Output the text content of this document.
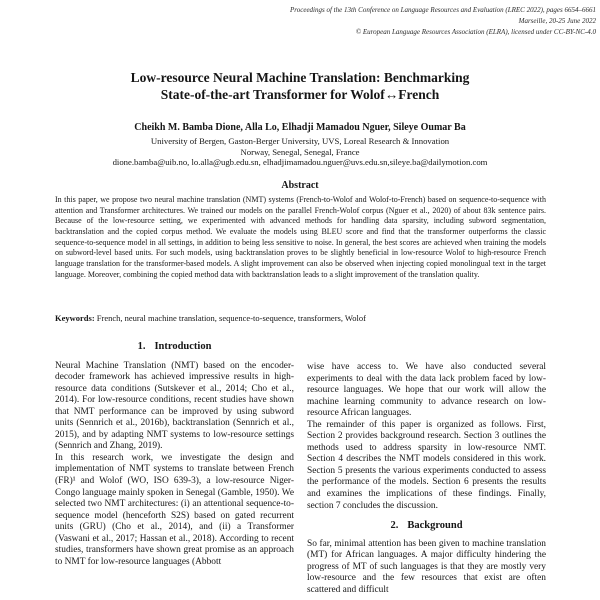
Proceedings of the 13th Conference on Language Resources and Evaluation (LREC 2022), pages 6654–6661
Marseille, 20-25 June 2022
© European Language Resources Association (ELRA), licensed under CC-BY-NC-4.0
Low-resource Neural Machine Translation: Benchmarking
State-of-the-art Transformer for Wolof↔French
Cheikh M. Bamba Dione, Alla Lo, Elhadji Mamadou Nguer, Sileye Oumar Ba
University of Bergen, Gaston-Berger University, UVS, Loreal Research & Innovation
Norway, Senegal, Senegal, France
dione.bamba@uib.no, lo.alla@ugb.edu.sn, elhadjimamadou.nguer@uvs.edu.sn,sileye.ba@dailymotion.com
Abstract
In this paper, we propose two neural machine translation (NMT) systems (French-to-Wolof and Wolof-to-French) based on sequence-to-sequence with attention and Transformer architectures. We trained our models on the parallel French-Wolof corpus (Nguer et al., 2020) of about 83k sentence pairs. Because of the low-resource setting, we experimented with advanced methods for handling data sparsity, including subword segmentation, backtranslation and the copied corpus method. We evaluate the models using BLEU score and find that the transformer outperforms the classic sequence-to-sequence model in all settings, in addition to being less sensitive to noise. In general, the best scores are achieved when training the models on subword-level based units. For such models, using backtranslation proves to be slightly beneficial in low-resource Wolof to high-resource French language translation for the transformer-based models. A slight improvement can also be observed when injecting copied monolingual text in the target language. Moreover, combining the copied method data with backtranslation leads to a slight improvement of the translation quality.
Keywords: French, neural machine translation, sequence-to-sequence, transformers, Wolof
1. Introduction

Neural Machine Translation (NMT) based on the encoder-decoder framework has achieved impressive results in high-resource data conditions (Sutskever et al., 2014; Cho et al., 2014). For low-resource conditions, recent studies have shown that NMT performance can be improved by using subword units (Sennrich et al., 2016b), backtranslation (Sennrich et al., 2015), and by adapting NMT systems to low-resource settings (Sennrich and Zhang, 2019).

In this research work, we investigate the design and implementation of NMT systems to translate between French (FR)¹ and Wolof (WO, ISO 639-3), a low-resource Niger-Congo language mainly spoken in Senegal (Gamble, 1950). We selected two NMT architectures: (i) an attentional sequence-to-sequence model (henceforth S2S) based on gated recurrent units (GRU) (Cho et al., 2014), and (ii) a Transformer (Vaswani et al., 2017; Hassan et al., 2018). According to recent studies, transformers have shown great promise as an approach to NMT for low-resource languages (Abbott

wise have access to. We have also conducted several experiments to deal with the data lack problem faced by low-resource languages. We hope that our work will allow the machine learning community to advance research on low-resource African languages.

The remainder of this paper is organized as follows. First, Section 2 provides background research. Section 3 outlines the methods used to address sparsity in low-resource NMT. Section 4 describes the NMT models considered in this work. Section 5 presents the various experiments conducted to assess the performance of the models. Section 6 presents the results and examines the implications of these findings. Finally, section 7 concludes the discussion.

2. Background

So far, minimal attention has been given to machine translation (MT) for African languages. A major difficulty hindering the progress of MT of such languages is that they are mostly very low-resource and the few resources that exist are often scattered and difficult
